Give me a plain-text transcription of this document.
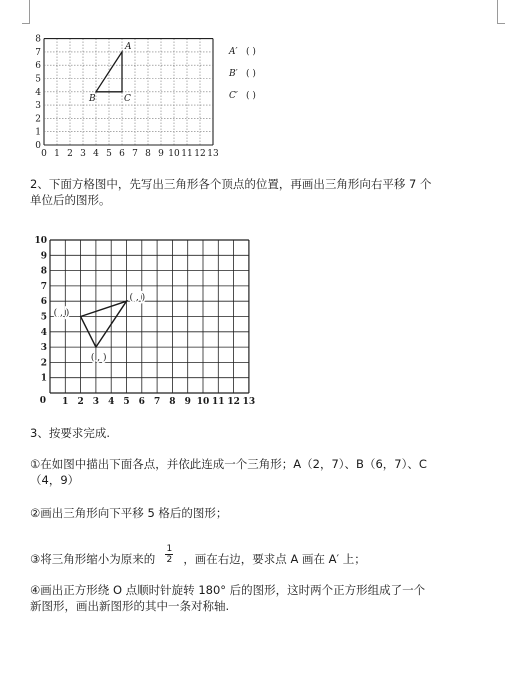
0 1 2 3 4 5 6 7 8 9 10 11 12 13
0
1
2
3
4
5
6
7
8
A
B	C
A′ ( )
B′ ( )
C′ ( )
2、下面方格图中，先写出三角形各个顶点的位置，再画出三角形向右平移 7 个
单位后的图形。
0 1 2 3 4 5 6 7 8 9 10 11 12 13
1
2
3
4
5
6
7
8
9
10
( , )
( , )
( , )
3、按要求完成.
①在如图中描出下面各点，并依此连成一个三角形；A（2，7）、B（6，7）、C
（4，9）
②画出三角形向下平移 5 格后的图形；
③将三角形缩小为原来的
1
2 ，画在右边，要求点 A 画在 A′ 上；
④画出正方形绕 O 点顺时针旋转 180° 后的图形，这时两个正方形组成了一个
新图形，画出新图形的其中一条对称轴.
